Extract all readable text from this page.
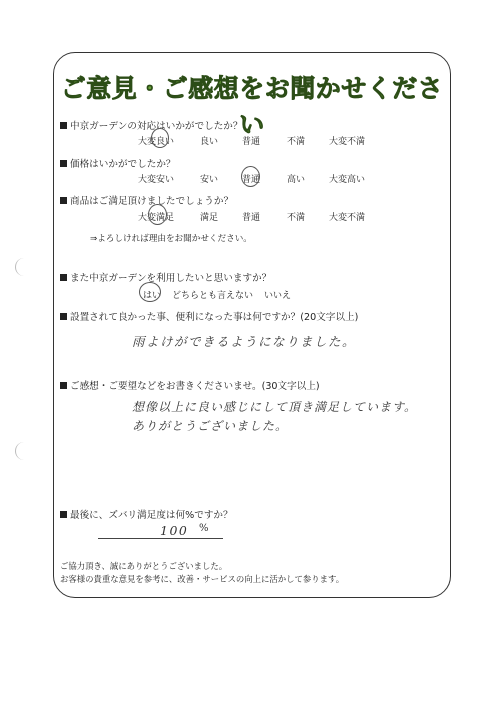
ご意見・ご感想をお聞かせください
中京ガーデンの対応はいかがでしたか？
大変良い	良い	普通	不満	大変不満
価格はいかがでしたか？
大変安い	安い	普通	高い	大変高い
商品はご満足頂けましたでしょうか？
大変満足	満足	普通	不満	大変不満
⇒よろしければ理由をお聞かせください。
また中京ガーデンを利用したいと思いますか？
はい どちらとも言えない いいえ
設置されて良かった事、便利になった事は何ですか？(20文字以上)
雨よけができるようになりました。
ご感想・ご要望などをお書きくださいませ。(30文字以上)
想像以上に良い感じにして頂き満足しています。
ありがとうございました。
最後に、ズバリ満足度は何%ですか？
100 %
ご協力頂き、誠にありがとうございました。
お客様の貴重な意見を参考に、改善・サービスの向上に活かして参ります。
